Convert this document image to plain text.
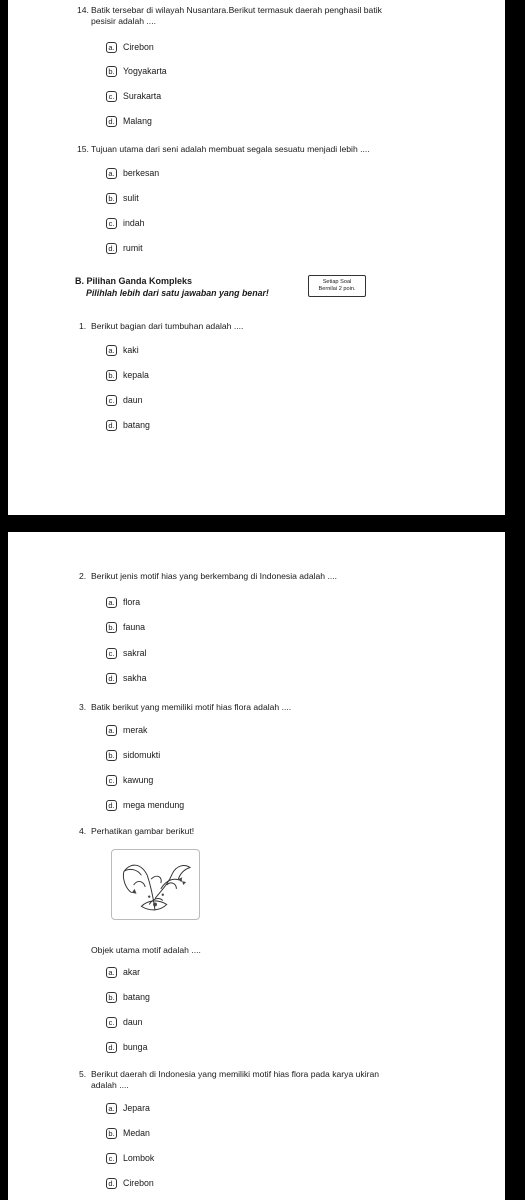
14. Batik tersebar di wilayah Nusantara.Berikut termasuk daerah penghasil batik
pesisir adalah ....
a. Cirebon
b. Yogyakarta
c. Surakarta
d. Malang
15. Tujuan utama dari seni adalah membuat segala sesuatu menjadi lebih ....
a. berkesan
b. sulit
c. indah
d. rumit
B. Pilihan Ganda Kompleks
Pilihlah lebih dari satu jawaban yang benar!
Setiap Soal
Bernilai 2 poin.
1. Berikut bagian dari tumbuhan adalah ....
a. kaki
b. kepala
c. daun
d. batang
2. Berikut jenis motif hias yang berkembang di Indonesia adalah ....
a. flora
b. fauna
c. sakral
d. sakha
3. Batik berikut yang memiliki motif hias flora adalah ....
a. merak
b. sidomukti
c. kawung
d. mega mendung
4. Perhatikan gambar berikut!
Objek utama motif adalah ....
a. akar
b. batang
c. daun
d. bunga
5. Berikut daerah di Indonesia yang memiliki motif hias flora pada karya ukiran
adalah ....
a. Jepara
b. Medan
c. Lombok
d. Cirebon
